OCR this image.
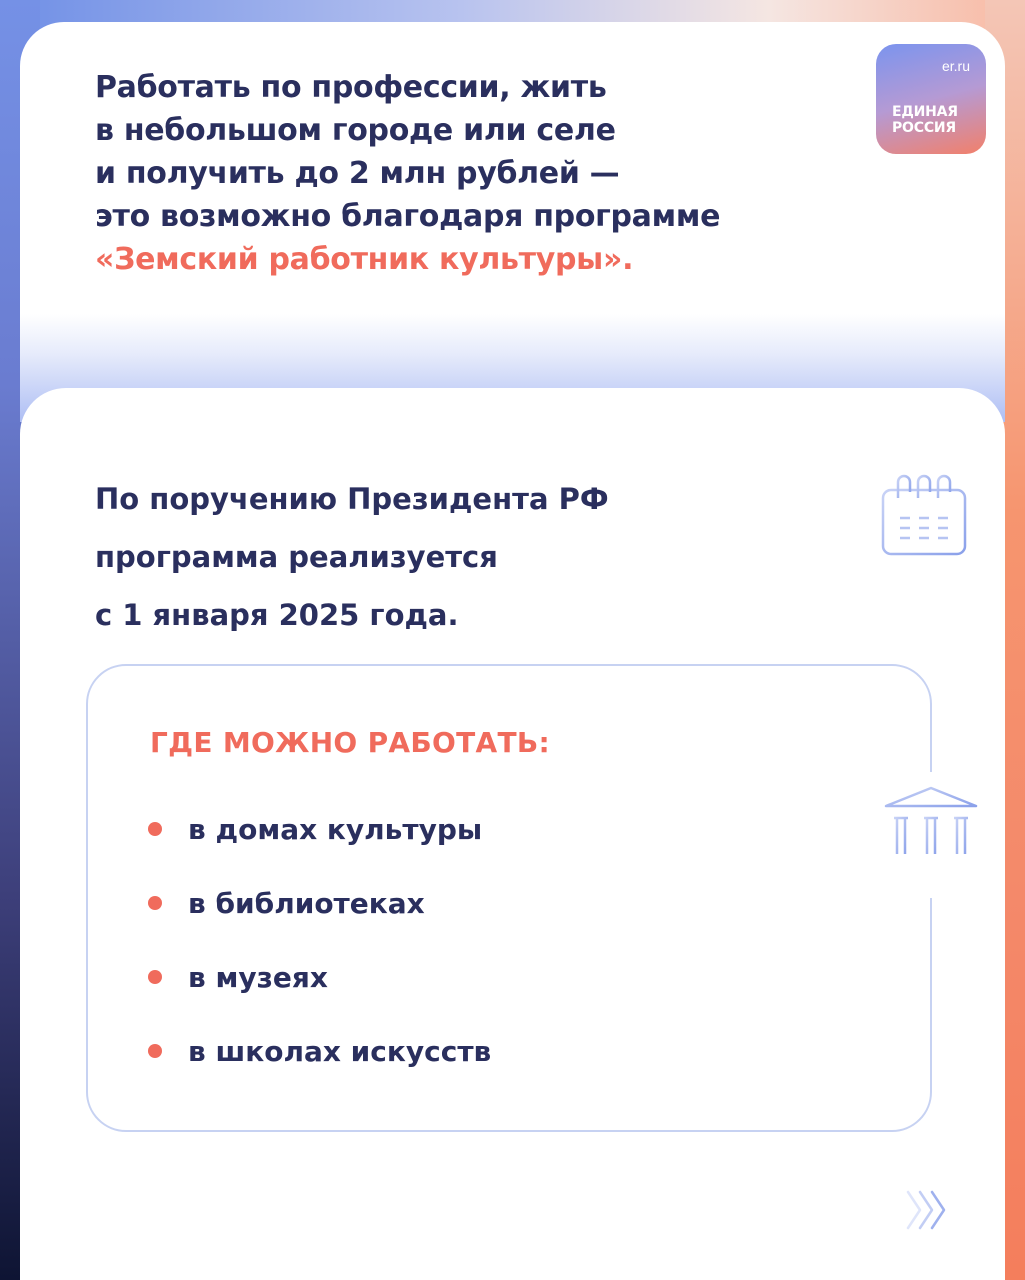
Работать по профессии, жить
в небольшом городе или селе
и получить до 2 млн рублей —
это возможно благодаря программе
«Земский работник культуры».
er.ru
ЕДИНАЯ
РОССИЯ
По поручению Президента РФ
программа реализуется
с 1 января 2025 года.
ГДЕ МОЖНО РАБОТАТЬ:
в домах культуры
в библиотеках
в музеях
в школах искусств
